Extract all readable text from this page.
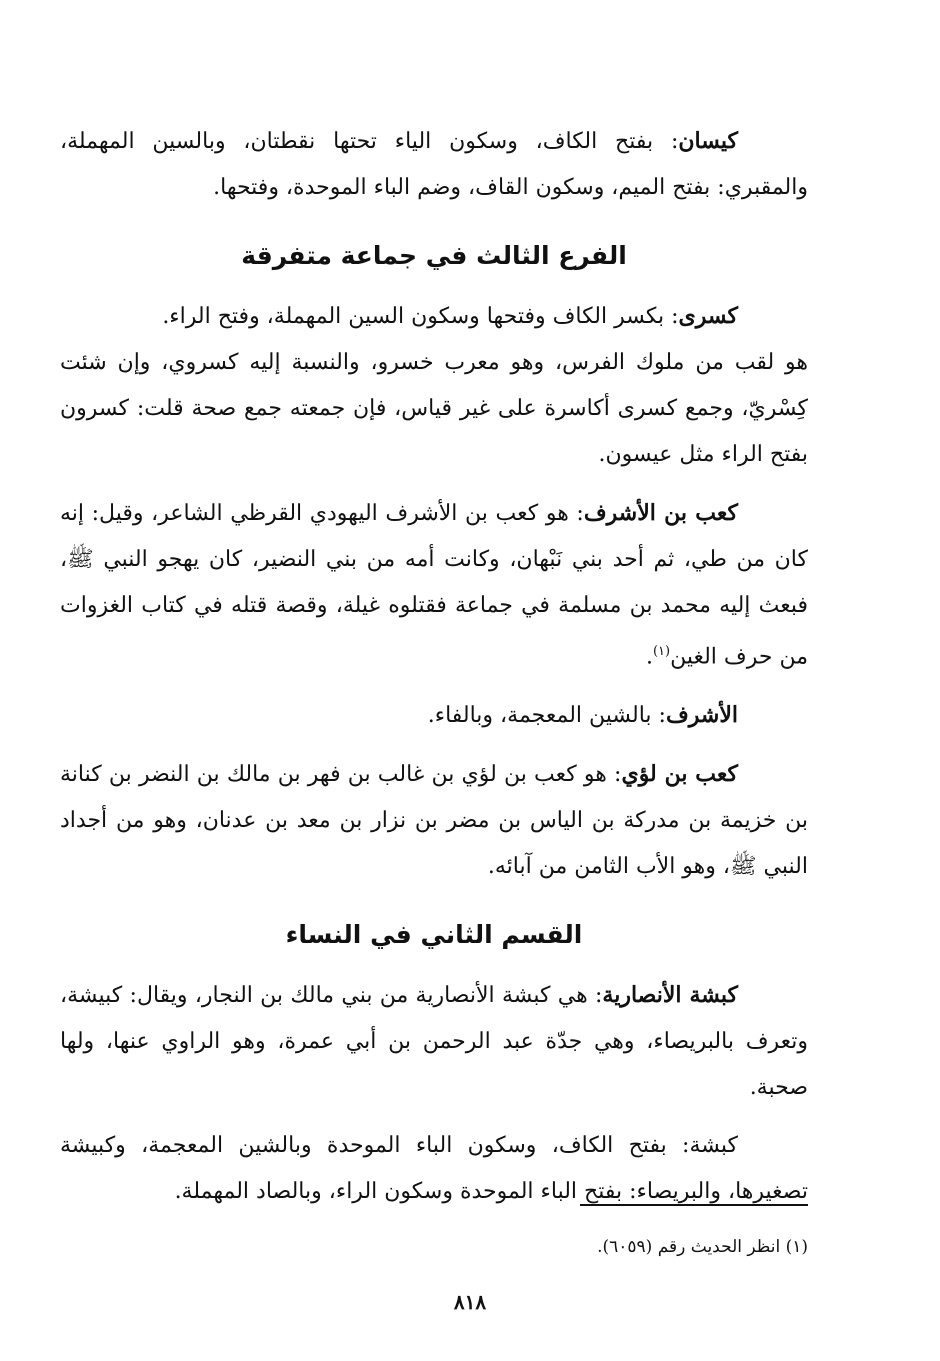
كيسان: بفتح الكاف، وسكون الياء تحتها نقطتان، وبالسين المهملة، والمقبري: بفتح الميم، وسكون القاف، وضم الباء الموحدة، وفتحها.

الفرع الثالث في جماعة متفرقة

كسرى: بكسر الكاف وفتحها وسكون السين المهملة، وفتح الراء.

هو لقب من ملوك الفرس، وهو معرب خسرو، والنسبة إليه كسروي، وإن شئت كِسْريّ، وجمع كسرى أكاسرة على غير قياس، فإن جمعته جمع صحة قلت: كسرون بفتح الراء مثل عيسون.

كعب بن الأشرف: هو كعب بن الأشرف اليهودي القرظي الشاعر، وقيل: إنه كان من طي، ثم أحد بني نَبْهان، وكانت أمه من بني النضير، كان يهجو النبي ﷺ، فبعث إليه محمد بن مسلمة في جماعة فقتلوه غيلة، وقصة قتله في كتاب الغزوات من حرف الغين$^{(١)}$.

الأشرف: بالشين المعجمة، وبالفاء.

كعب بن لؤي: هو كعب بن لؤي بن غالب بن فهر بن مالك بن النضر بن كنانة بن خزيمة بن مدركة بن الياس بن مضر بن نزار بن معد بن عدنان، وهو من أجداد النبي ﷺ، وهو الأب الثامن من آبائه.

القسم الثاني في النساء

كبشة الأنصارية: هي كبشة الأنصارية من بني مالك بن النجار، ويقال: كبيشة، وتعرف بالبريصاء، وهي جدّة عبد الرحمن بن أبي عمرة، وهو الراوي عنها، ولها صحبة.

كبشة: بفتح الكاف، وسكون الباء الموحدة وبالشين المعجمة، وكبيشة تصغيرها، والبريصاء: بفتح الباء الموحدة وسكون الراء، وبالصاد المهملة.

(١) انظر الحديث رقم (٦٠٥٩).
٨١٨
